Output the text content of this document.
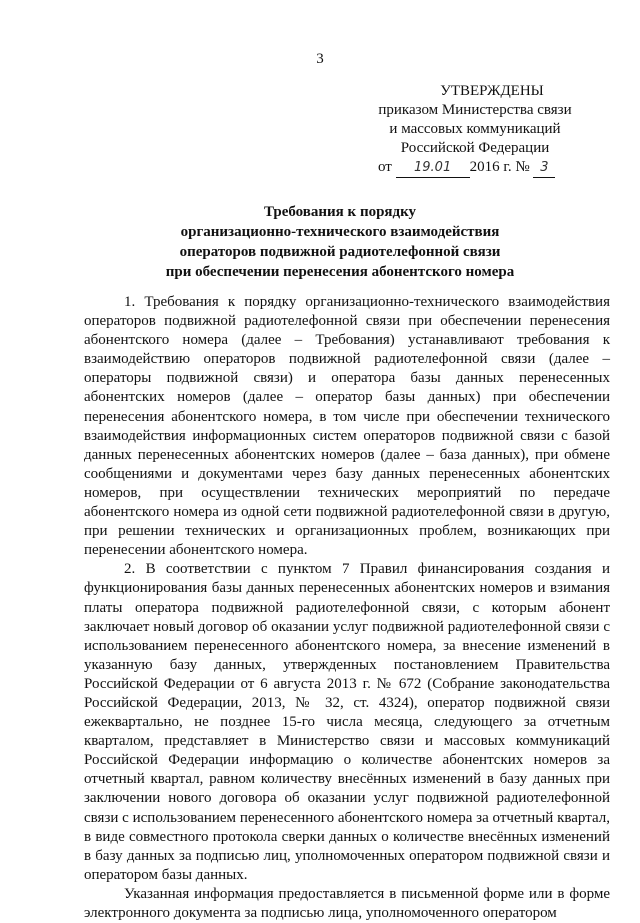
3
УТВЕРЖДЕНЫ
приказом Министерства связи
и массовых коммуникаций
Российской Федерации
от 19.01 2016 г. № 3
Требования к порядку
организационно-технического взаимодействия
операторов подвижной радиотелефонной связи
при обеспечении перенесения абонентского номера

1. Требования к порядку организационно-технического взаимодействия операторов подвижной радиотелефонной связи при обеспечении перенесения абонентского номера (далее – Требования) устанавливают требования к взаимодействию операторов подвижной радиотелефонной связи (далее – операторы подвижной связи) и оператора базы данных перенесенных абонентских номеров (далее – оператор базы данных) при обеспечении перенесения абонентского номера, в том числе при обеспечении технического взаимодействия информационных систем операторов подвижной связи с базой данных перенесенных абонентских номеров (далее – база данных), при обмене сообщениями и документами через базу данных перенесенных абонентских номеров, при осуществлении технических мероприятий по передаче абонентского номера из одной сети подвижной радиотелефонной связи в другую, при решении технических и организационных проблем, возникающих при перенесении абонентского номера.

2. В соответствии с пунктом 7 Правил финансирования создания и функционирования базы данных перенесенных абонентских номеров и взимания платы оператора подвижной радиотелефонной связи, с которым абонент заключает новый договор об оказании услуг подвижной радиотелефонной связи с использованием перенесенного абонентского номера, за внесение изменений в указанную базу данных, утвержденных постановлением Правительства Российской Федерации от 6 августа 2013 г. № 672 (Собрание законодательства Российской Федерации, 2013, № 32, ст. 4324), оператор подвижной связи ежеквартально, не позднее 15-го числа месяца, следующего за отчетным кварталом, представляет в Министерство связи и массовых коммуникаций Российской Федерации информацию о количестве абонентских номеров за отчетный квартал, равном количеству внесённых изменений в базу данных при заключении нового договора об оказании услуг подвижной радиотелефонной связи с использованием перенесенного абонентского номера за отчетный квартал, в виде совместного протокола сверки данных о количестве внесённых изменений в базу данных за подписью лиц, уполномоченных оператором подвижной связи и оператором базы данных.

Указанная информация предоставляется в письменной форме или в форме электронного документа за подписью лица, уполномоченного оператором
